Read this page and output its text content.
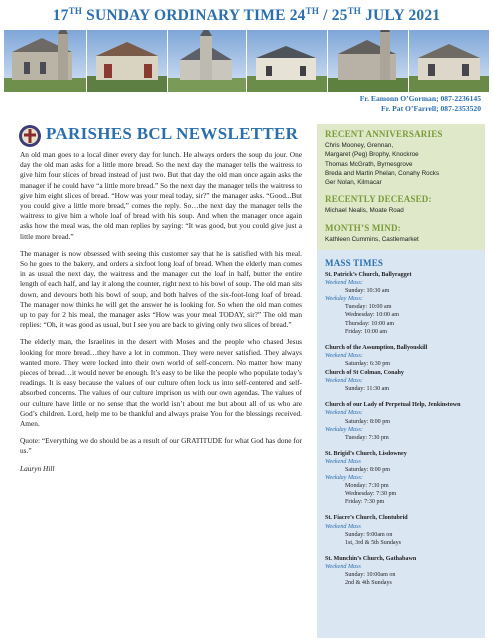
17TH SUNDAY ORDINARY TIME 24TH / 25TH JULY 2021
Fr. Eamonn O’Gorman; 087-2236145
Fr. Pat O’Farrell; 087-2353520
PARISHES BCL NEWSLETTER

An old man goes to a local diner every day for lunch. He always orders the soup du jour. One day the old man asks for a little more bread. So the next day the manager tells the waitress to give him four slices of bread instead of just two. But that day the old man once again asks the manager if he could have “a little more bread.” So the next day the manager tells the waitress to give him eight slices of bread. “How was your meal today, sir?” the manager asks. “Good...But you could give a little more bread,” comes the reply. So…the next day the manager tells the waitress to give him a whole loaf of bread with his soup. And when the manager once again asks how the meal was, the old man replies by saying: “It was good, but you could give just a little more bread.”

The manager is now obsessed with seeing this customer say that he is satisfied with his meal. So he goes to the bakery, and orders a sixfoot long loaf of bread. When the elderly man comes in as usual the next day, the waitress and the manager cut the loaf in half, butter the entire length of each half, and lay it along the counter, right next to his bowl of soup. The old man sits down, and devours both his bowl of soup, and both halves of the six-foot-long loaf of bread. The manager now thinks he will get the answer he is looking for. So when the old man comes up to pay for 2 his meal, the manager asks “How was your meal TODAY, sir?” The old man replies: “Oh, it was good as usual, but I see you are back to giving only two slices of bread.”

The elderly man, the Israelites in the desert with Moses and the people who chased Jesus looking for more bread…they have a lot in common. They were never satisfied. They always wanted more. They were locked into their own world of self-concern. No matter how many pieces of bread…it would never be enough. It’s easy to be like the people who populate today’s readings. It is easy because the values of our culture often lock us into self-centered and self-absorbed concerns. The values of our culture imprison us with our own agendas. The values of our culture have little or no sense that the world isn’t about me but about all of us who are God’s children. Lord, help me to be thankful and always praise You for the blessings received. Amen.

Quote: “Everything we do should be as a result of our GRATITUDE for what God has done for us.”

Lauryn Hill

RECENT ANNIVERSARIES
Chris Mooney, Grennan,
Margaret (Peg) Brophy, Knockroe
Thomas McGrath, Byrnesgrove
Breda and Martin Phelan, Conahy Rocks
Ger Nolan, Kilmacar
RECENTLY DECEASED:
Michael Nealis, Moate Road
MONTH’S MIND:
Kathleen Cummins, Castlemarket
MASS TIMES
St. Patrick’s Church, Ballyragget
Weekend Mass:
Sunday: 10:30 am
Weekday Mass:
Tuesday: 10:00 am
Wednesday: 10:00 am
Thursday: 10:00 am
Friday: 10:00 am
Church of the Assumption, Ballyouskill
Weekend Mass:
Saturday: 6:30 pm
Church of St Colman, Conahy
Weekend Mass:
Sunday: 11:30 am
Church of our Lady of Perpetual Help, Jenkinstown
Weekend Mass:
Saturday: 8:00 pm
Weekday Mass:
Tuesday: 7:30 pm
St. Brigid’s Church, Lisdowney
Weekend Mass
Saturday: 8:00 pm
Weekday Mass:
Monday: 7:30 pm
Wednesday: 7:30 pm
Friday: 7:30 pm
St. Fiacre’s Church, Clontubrid
Weekend Mass
Sunday: 9:00am on
1st, 3rd & 5th Sundays
St. Munchin’s Church, Gathabawn
Weekend Mass
Sunday: 10:00am on
2nd & 4th Sundays
